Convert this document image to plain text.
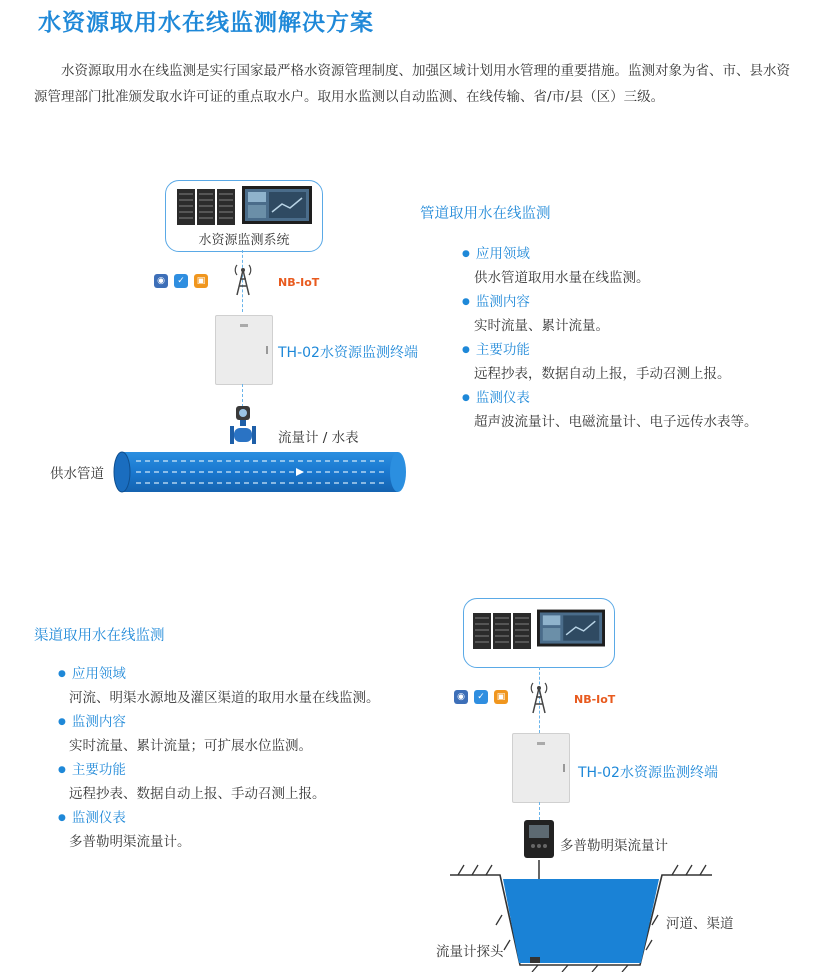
水资源取用水在线监测解决方案
水资源取用水在线监测是实行国家最严格水资源管理制度、加强区域计划用水管理的重要措施。监测对象为省、市、县水资源管理部门批准颁发取水许可证的重点取水户。取用水监测以自动监测、在线传输、省/市/县（区）三级。
水资源监测系统
◉	✓	▣	NB-IoT
TH-02水资源监测终端
流量计 / 水表
供水管道
管道取用水在线监测
● 应用领域
供水管道取用水量在线监测。
● 监测内容
实时流量、累计流量。
● 主要功能
远程抄表，数据自动上报，手动召测上报。
● 监测仪表
超声波流量计、电磁流量计、电子远传水表等。
渠道取用水在线监测
● 应用领域
河流、明渠水源地及灌区渠道的取用水量在线监测。
● 监测内容
实时流量、累计流量；可扩展水位监测。
● 主要功能
远程抄表、数据自动上报、手动召测上报。
● 监测仪表
多普勒明渠流量计。
◉	✓	▣	NB-IoT
TH-02水资源监测终端
多普勒明渠流量计
河道、渠道
流量计探头
